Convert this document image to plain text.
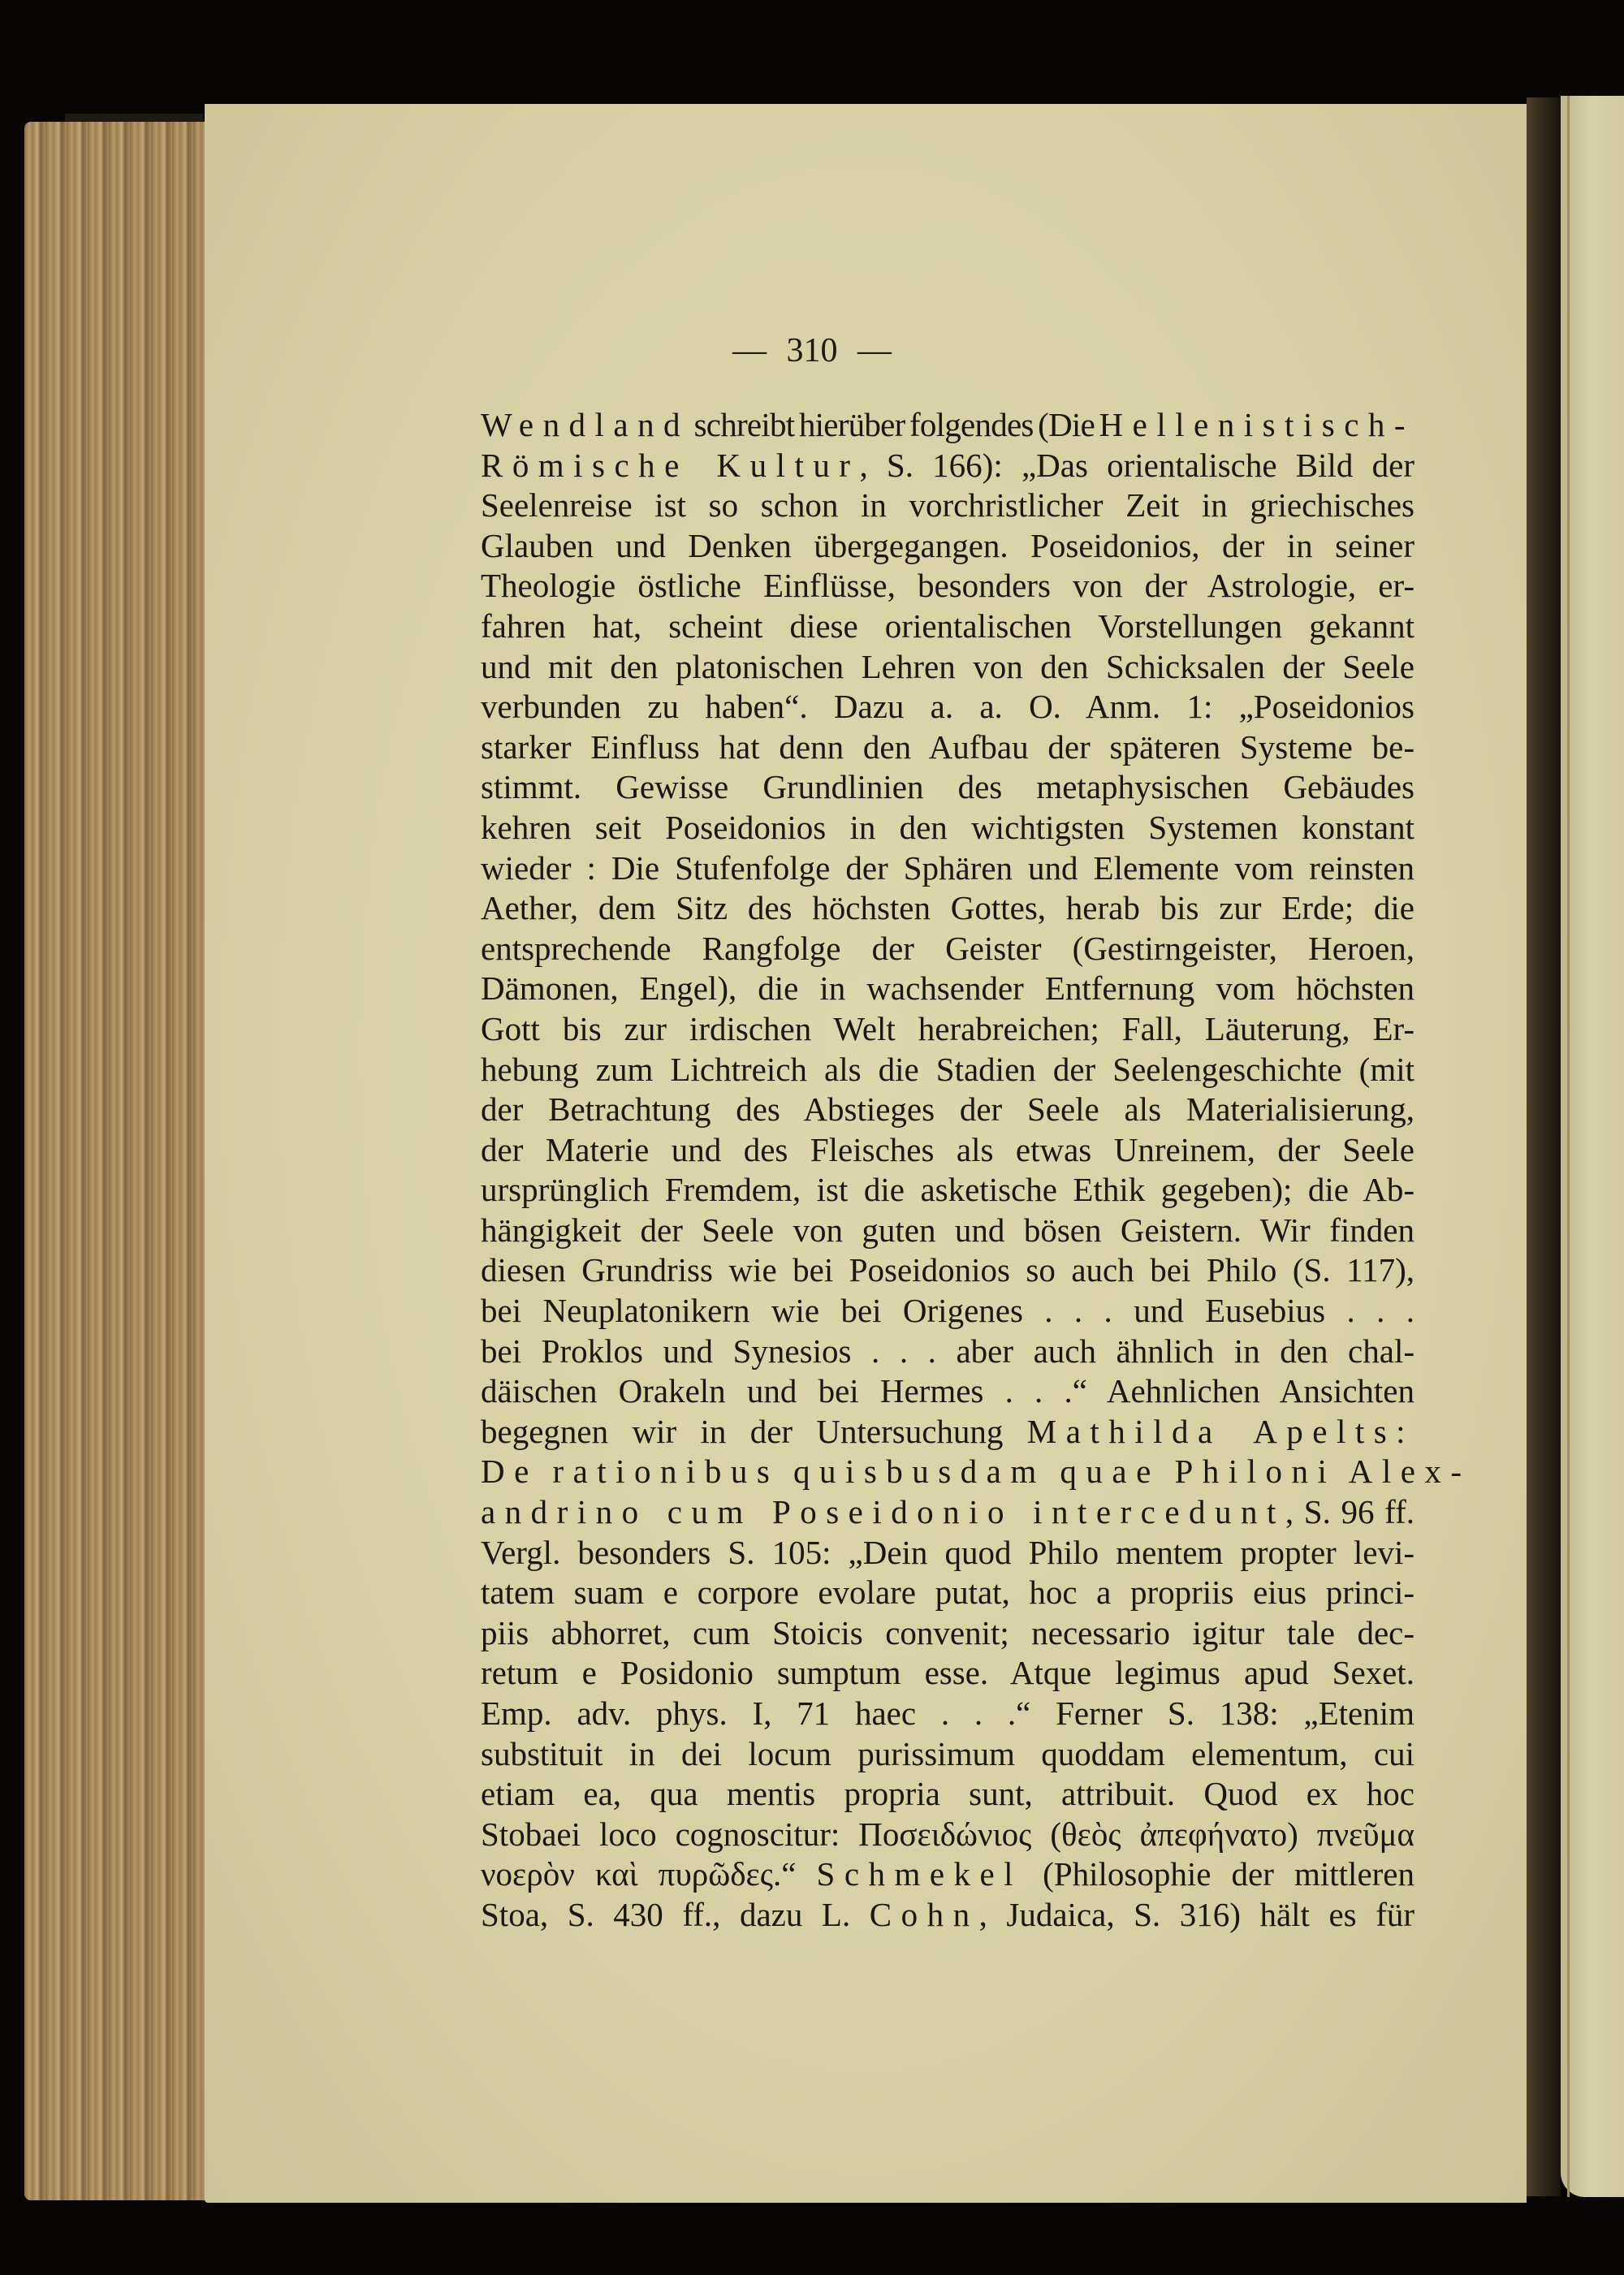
— 310 —
Wendland schreibt hierüber folgendes (Die Hellenistisch-
Römische Kultur, S. 166): „Das orientalische Bild der
Seelenreise ist so schon in vorchristlicher Zeit in griechisches
Glauben und Denken übergegangen. Poseidonios, der in seiner
Theologie östliche Einflüsse, besonders von der Astrologie, er-
fahren hat, scheint diese orientalischen Vorstellungen gekannt
und mit den platonischen Lehren von den Schicksalen der Seele
verbunden zu haben“. Dazu a. a. O. Anm. 1: „Poseidonios
starker Einfluss hat denn den Aufbau der späteren Systeme be-
stimmt. Gewisse Grundlinien des metaphysischen Gebäudes
kehren seit Poseidonios in den wichtigsten Systemen konstant
wieder : Die Stufenfolge der Sphären und Elemente vom reinsten
Aether, dem Sitz des höchsten Gottes, herab bis zur Erde; die
entsprechende Rangfolge der Geister (Gestirngeister, Heroen,
Dämonen, Engel), die in wachsender Entfernung vom höchsten
Gott bis zur irdischen Welt herabreichen; Fall, Läuterung, Er-
hebung zum Lichtreich als die Stadien der Seelengeschichte (mit
der Betrachtung des Abstieges der Seele als Materialisierung,
der Materie und des Fleisches als etwas Unreinem, der Seele
ursprünglich Fremdem, ist die asketische Ethik gegeben); die Ab-
hängigkeit der Seele von guten und bösen Geistern. Wir finden
diesen Grundriss wie bei Poseidonios so auch bei Philo (S. 117),
bei Neuplatonikern wie bei Origenes . . . und Eusebius . . .
bei Proklos und Synesios . . . aber auch ähnlich in den chal-
däischen Orakeln und bei Hermes . . .“ Aehnlichen Ansichten
begegnen wir in der Untersuchung Mathilda Apelts:
De rationibus quisbusdam quae Philoni Alex-
andrino cum Poseidonio intercedunt, S. 96 ff.
Vergl. besonders S. 105: „Dein quod Philo mentem propter levi-
tatem suam e corpore evolare putat, hoc a propriis eius princi-
piis abhorret, cum Stoicis convenit; necessario igitur tale dec-
retum e Posidonio sumptum esse. Atque legimus apud Sexet.
Emp. adv. phys. I, 71 haec . . .“ Ferner S. 138: „Etenim
substituit in dei locum purissimum quoddam elementum, cui
etiam ea, qua mentis propria sunt, attribuit. Quod ex hoc
Stobaei loco cognoscitur: Ποσειδώνιος (θεὸς ἀπεφήνατο) πνεῦμα
νοερὸν καὶ πυρῶδες.“ Schmekel (Philosophie der mittleren
Stoa, S. 430 ff., dazu L. Cohn, Judaica, S. 316) hält es für
